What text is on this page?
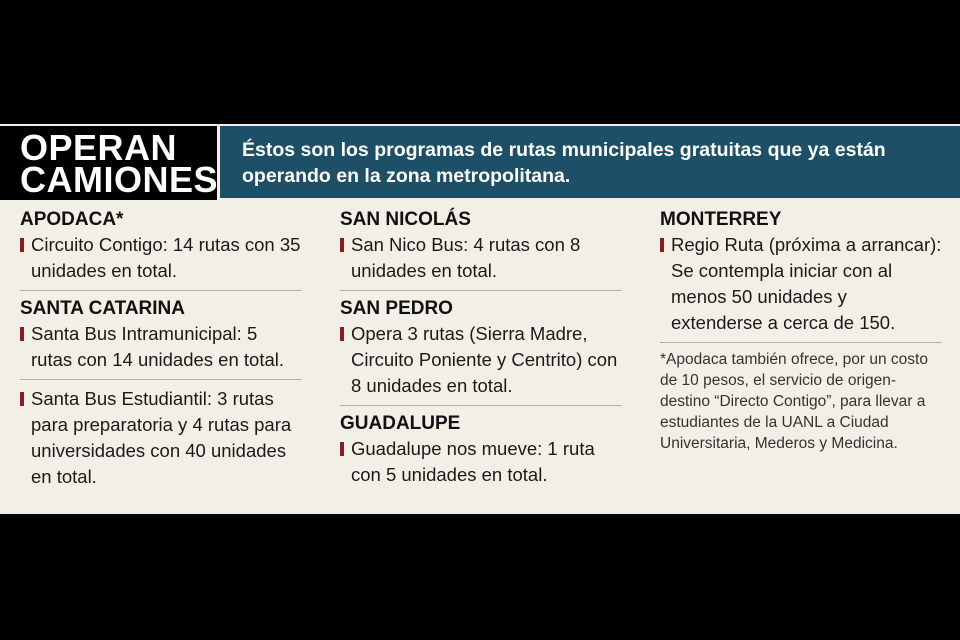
OPERAN
CAMIONES
Éstos son los programas de rutas municipales gratuitas que ya están operando en la zona metropolitana.
APODACA*

Circuito Contigo: 14 rutas con 35 unidades en total.

SANTA CATARINA

Santa Bus Intramunicipal: 5 rutas con 14 unidades en total.

Santa Bus Estudiantil: 3 rutas para preparatoria y 4 rutas para universidades con 40 unidades en total.

SAN NICOLÁS

San Nico Bus: 4 rutas con 8 unidades en total.

SAN PEDRO

Opera 3 rutas (Sierra Madre, Circuito Poniente y Centrito) con 8 unidades en total.

GUADALUPE

Guadalupe nos mueve: 1 ruta con 5 unidades en total.

MONTERREY

Regio Ruta (próxima a arrancar): Se contempla iniciar con al menos 50 unidades y extenderse a cerca de 150.

*Apodaca también ofrece, por un costo de 10 pesos, el servicio de origen-destino “Directo Contigo”, para llevar a estudiantes de la UANL a Ciudad Universitaria, Mederos y Medicina.
